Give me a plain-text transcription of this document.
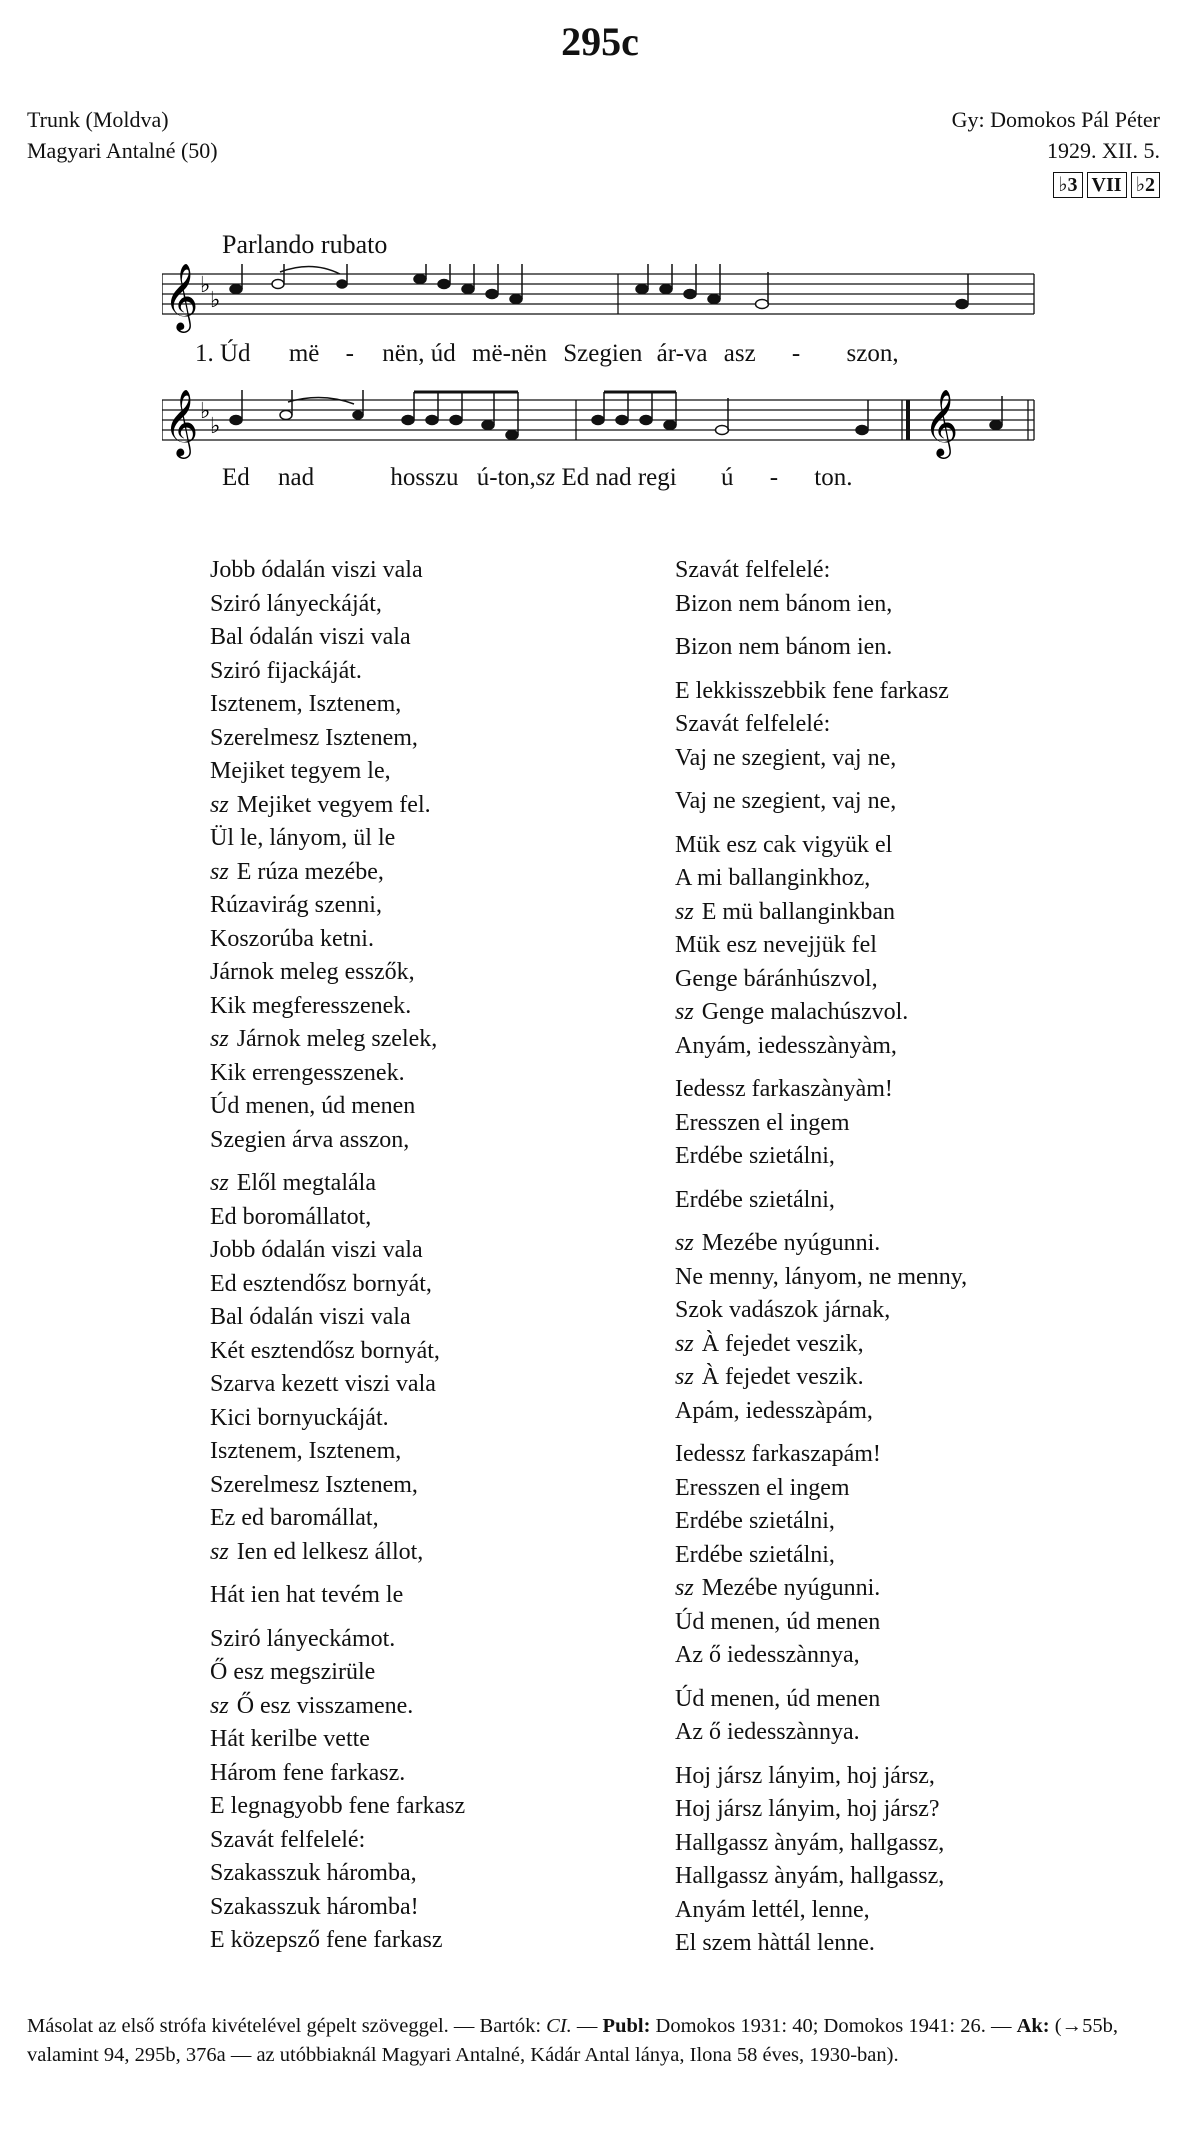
295c
Trunk (Moldva)
Magyari Antalné (50)
Gy: Domokos Pál Péter
1929. XII. 5.
♭3 VII ♭2
Parlando rubato
𝄞 ♭
♭
1. Úd më - nën, úd më-nën Szegien ár-va asz - szon,
𝄞 ♭
♭	𝄞
Ed nad	hosszu ú-ton,sz Ed nad regi ú - ton.
Jobb ódalán viszi vala
Sziró lányeckáját,
Bal ódalán viszi vala
Sziró fijackáját.
Isztenem, Isztenem,
Szerelmesz Isztenem,
Mejiket tegyem le,
sz Mejiket vegyem fel.
Ül le, lányom, ül le
sz E rúza mezébe,
Rúzavirág szenni,
Koszorúba ketni.
Járnok meleg esszők,
Kik megferesszenek.
sz Járnok meleg szelek,
Kik errengesszenek.
Úd menen, úd menen
Szegien árva asszon,
sz Elől megtalála
Ed boromállatot,
Jobb ódalán viszi vala
Ed esztendősz bornyát,
Bal ódalán viszi vala
Két esztendősz bornyát,
Szarva kezett viszi vala
Kici bornyuckáját.
Isztenem, Isztenem,
Szerelmesz Isztenem,
Ez ed baromállat,
sz Ien ed lelkesz állot,
Hát ien hat tevém le
Sziró lányeckámot.
Ő esz megszirüle
sz Ő esz visszamene.
Hát kerilbe vette
Három fene farkasz.
E legnagyobb fene farkasz
Szavát felfelelé:
Szakasszuk háromba,
Szakasszuk háromba!
E közepsző fene farkasz
Szavát felfelelé:
Bizon nem bánom ien,
Bizon nem bánom ien.
E lekkisszebbik fene farkasz
Szavát felfelelé:
Vaj ne szegient, vaj ne,
Vaj ne szegient, vaj ne,
Mük esz cak vigyük el
A mi ballanginkhoz,
sz E mü ballanginkban
Mük esz nevejjük fel
Genge báránhúszvol,
sz Genge malachúszvol.
Anyám, iedesszànyàm,
Iedessz farkaszànyàm!
Eresszen el ingem
Erdébe szietálni,
Erdébe szietálni,
sz Mezébe nyúgunni.
Ne menny, lányom, ne menny,
Szok vadászok járnak,
sz À fejedet veszik,
sz À fejedet veszik.
Apám, iedesszàpám,
Iedessz farkaszapám!
Eresszen el ingem
Erdébe szietálni,
Erdébe szietálni,
sz Mezébe nyúgunni.
Úd menen, úd menen
Az ő iedesszànnya,
Úd menen, úd menen
Az ő iedesszànnya.
Hoj jársz lányim, hoj jársz,
Hoj jársz lányim, hoj jársz?
Hallgassz ànyám, hallgassz,
Hallgassz ànyám, hallgassz,
Anyám lettél, lenne,
El szem hàttál lenne.
Másolat az első strófa kivételével gépelt szöveggel. — Bartók: CI. — Publ: Domokos 1931: 40; Domokos 1941: 26. — Ak: (→55b, valamint 94, 295b, 376a — az utóbbiaknál Magyari Antalné, Kádár Antal lánya, Ilona 58 éves, 1930-ban).
